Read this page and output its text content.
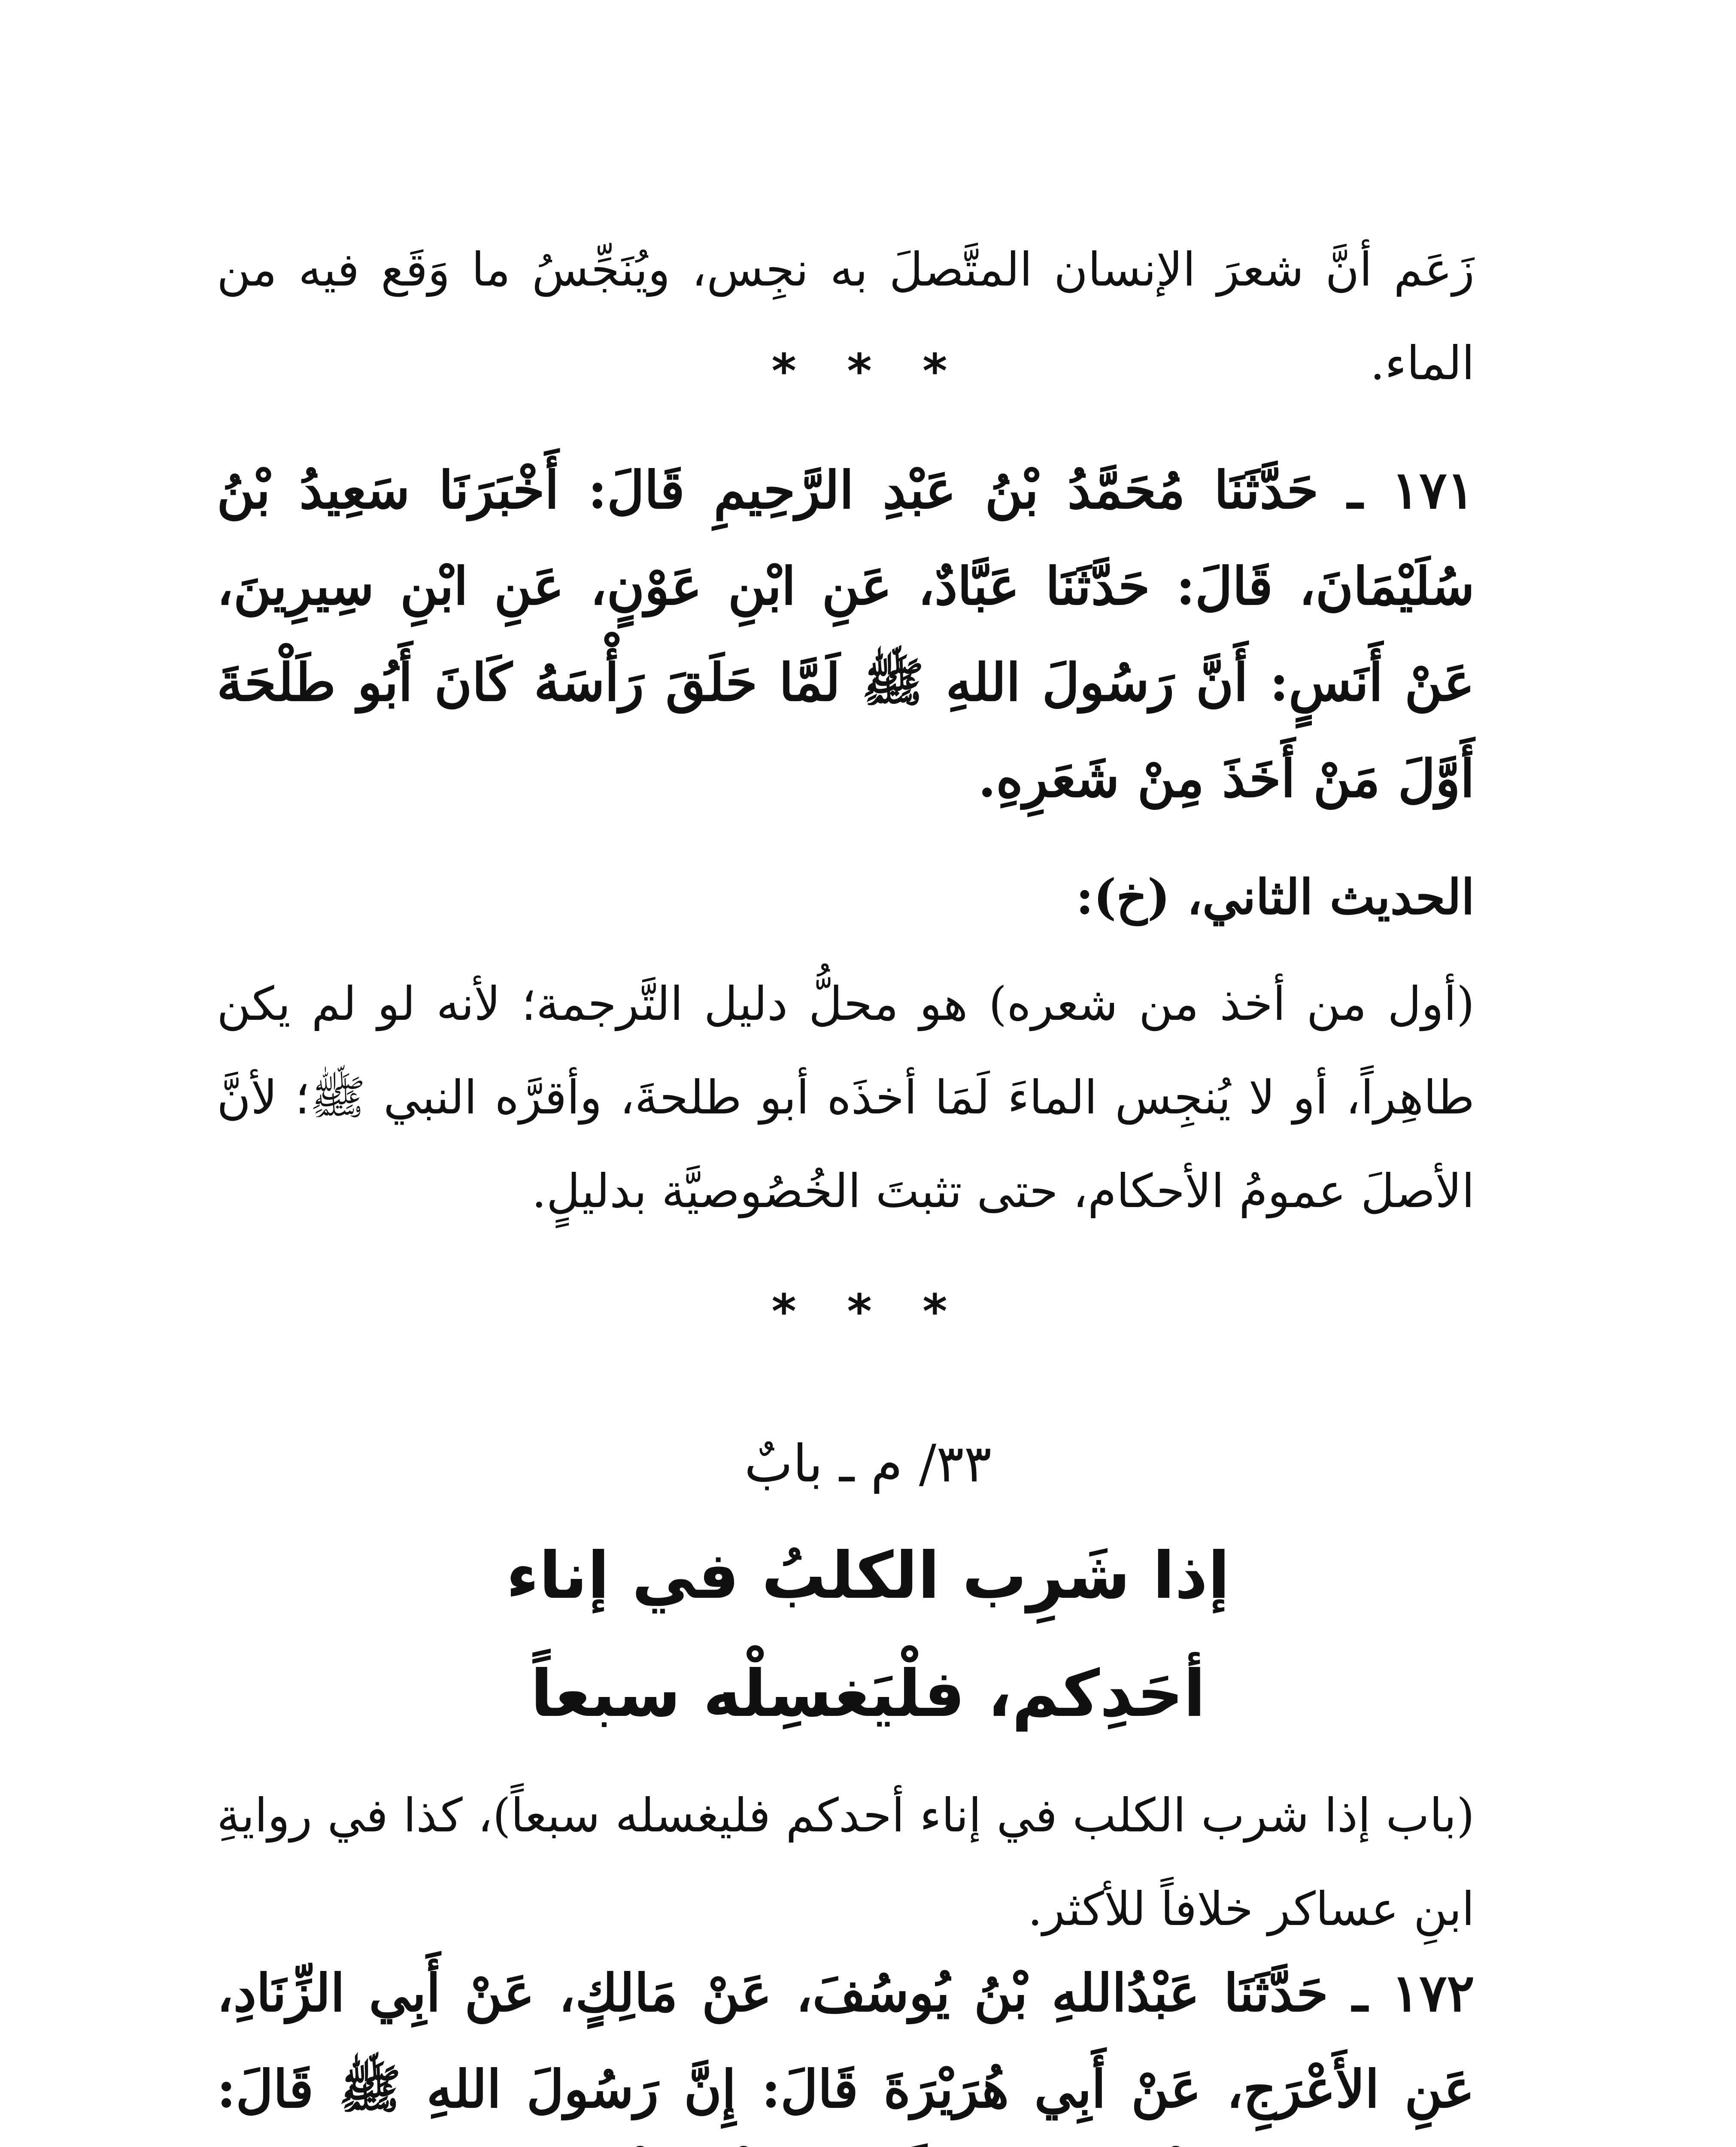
زَعَم أنَّ شعرَ الإنسان المتَّصلَ به نجِس، ويُنَجِّسُ ما وَقَع فيه من الماء.
* * *
١٧١ ـ حَدَّثَنَا مُحَمَّدُ بْنُ عَبْدِ الرَّحِيمِ قَالَ: أَخْبَرَنَا سَعِيدُ بْنُ سُلَيْمَانَ، قَالَ: حَدَّثَنَا عَبَّادٌ، عَنِ ابْنِ عَوْنٍ، عَنِ ابْنِ سِيرِينَ، عَنْ أَنَسٍ: أَنَّ رَسُولَ اللهِ ﷺ لَمَّا حَلَقَ رَأْسَهُ كَانَ أَبُو طَلْحَةَ أَوَّلَ مَنْ أَخَذَ مِنْ شَعَرِهِ.
الحديث الثاني، (خ):
(أول من أخذ من شعره) هو محلُّ دليل التَّرجمة؛ لأنه لو لم يكن طاهِراً، أو لا يُنجِس الماءَ لَمَا أخذَه أبو طلحةَ، وأقرَّه النبي ﷺ؛ لأنَّ الأصلَ عمومُ الأحكام، حتى تثبتَ الخُصُوصيَّة بدليلٍ.
* * *
٣٣/ م ـ بابٌ
إذا شَرِب الكلبُ في إناء
أحَدِكم، فلْيَغسِلْه سبعاً
(باب إذا شرب الكلب في إناء أحدكم فليغسله سبعاً)، كذا في روايةِ ابنِ عساكر خلافاً للأكثر.
١٧٢ ـ حَدَّثَنَا عَبْدُاللهِ بْنُ يُوسُفَ، عَنْ مَالِكٍ، عَنْ أَبِي الزِّنَادِ، عَنِ الأَعْرَجِ، عَنْ أَبِي هُرَيْرَةَ قَالَ: إِنَّ رَسُولَ اللهِ ﷺ قَالَ:
